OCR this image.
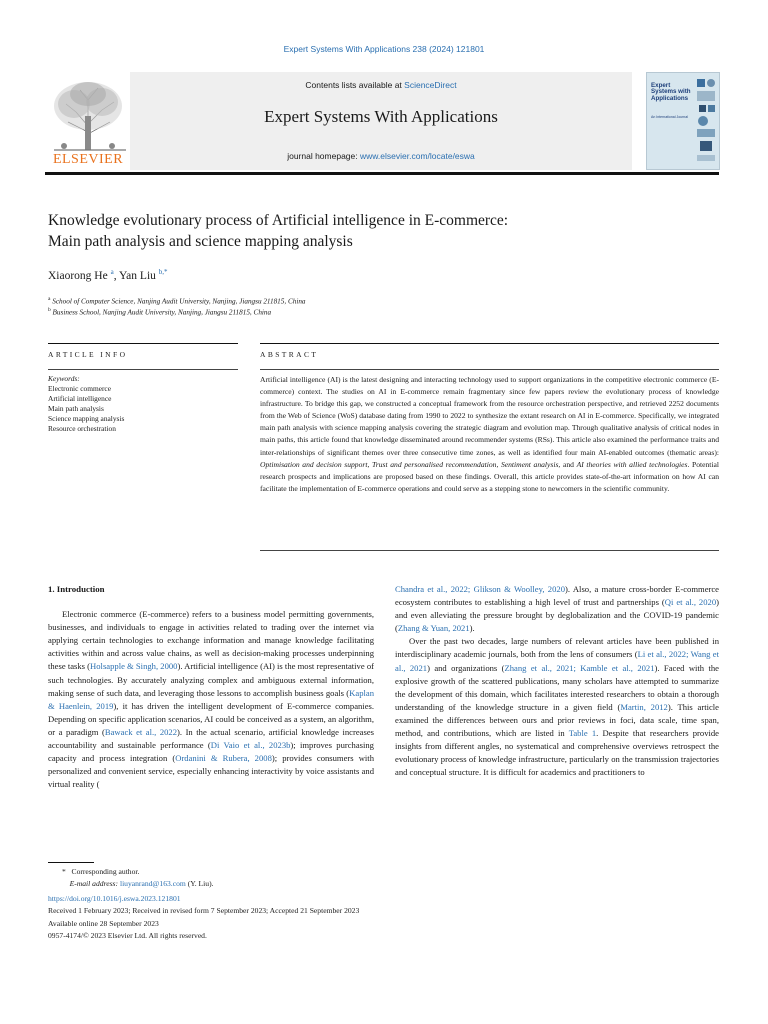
Expert Systems With Applications 238 (2024) 121801
ELSEVIER
Contents lists available at ScienceDirect
Expert Systems With Applications
journal homepage: www.elsevier.com/locate/eswa
Expert Systems with Applications
An International Journal
Knowledge evolutionary process of Artificial intelligence in E-commerce:
Main path analysis and science mapping analysis
Xiaorong He $^a$, Yan Liu $^{b,*}$
$^a$ School of Computer Science, Nanjing Audit University, Nanjing, Jiangsu 211815, China
$^b$ Business School, Nanjing Audit University, Nanjing, Jiangsu 211815, China
ARTICLE INFO	ABSTRACT
Keywords:
Electronic commerce
Artificial intelligence
Main path analysis
Science mapping analysis
Resource orchestration
Artificial intelligence (AI) is the latest designing and interacting technology used to support organizations in the competitive electronic commerce (E-commerce) context. The studies on AI in E-commerce remain fragmentary since few papers review the evolutionary process of knowledge infrastructure. To bridge this gap, we constructed a conceptual framework from the resource orchestration perspective, and retrieved 2252 documents from the Web of Science (WoS) database dating from 1990 to 2022 to synthesize the extant research on AI in E-commerce. Specifically, we integrated main path analysis with science mapping analysis covering the strategic diagram and evolution map. Through qualitative analysis of critical nodes in main paths, this article found that knowledge disseminated around recommender systems (RSs). This article also examined the performance traits and inter-relationships of significant themes over three consecutive time zones, as well as identified four main AI-enabled outcomes (thematic areas): Optimisation and decision support, Trust and personalised recommendation, Sentiment analysis, and AI theories with allied technologies. Potential research prospects and implications are proposed based on these findings. Overall, this article provides state-of-the-art information on how AI can facilitate the implementation of E-commerce operations and could serve as a stepping stone to newcomers in the scientific community.
1. Introduction

Electronic commerce (E-commerce) refers to a business model permitting governments, businesses, and individuals to engage in activities related to trading over the internet via applying certain technologies to exchange information and manage knowledge facilitating activities within and across value chains, as well as decision-making processes underpinning these tasks (Holsapple & Singh, 2000). Artificial intelligence (AI) is the most representative of such technologies. By accurately analyzing complex and ambiguous external information, making sense of such data, and leveraging those lessons to accomplish business goals (Kaplan & Haenlein, 2019), it has driven the intelligent development of E-commerce companies. Depending on specific application scenarios, AI could be conceived as a system, an algorithm, or a paradigm (Bawack et al., 2022). In the actual scenario, artificial knowledge increases accountability and sustainable performance (Di Vaio et al., 2023b); improves purchasing capacity and process integration (Ordanini & Rubera, 2008); provides consumers with personalized and convenient service, especially enhancing interactivity by voice assistants and virtual reality (

Chandra et al., 2022; Glikson & Woolley, 2020). Also, a mature cross-border E-commerce ecosystem contributes to establishing a high level of trust and partnerships (Qi et al., 2020) and even alleviating the pressure brought by deglobalization and the COVID-19 pandemic (Zhang & Yuan, 2021).

Over the past two decades, large numbers of relevant articles have been published in interdisciplinary academic journals, both from the lens of consumers (Li et al., 2022; Wang et al., 2021) and organizations (Zhang et al., 2021; Kamble et al., 2021). Faced with the explosive growth of the scattered publications, many scholars have attempted to summarize the development of this domain, which facilitates interested researchers to obtain a thorough understanding of the knowledge structure in a given field (Martin, 2012). This article examined the differences between ours and prior reviews in foci, data scale, time span, method, and contributions, which are listed in Table 1. Despite that researchers provide insights from different angles, no systematical and comprehensive overviews retrospect the evolutionary process of knowledge infrastructure, particularly on the transmission trajectories and conceptual structure. It is difficult for academics and practitioners to

* Corresponding author.
E-mail address: liuyanrand@163.com (Y. Liu).
https://doi.org/10.1016/j.eswa.2023.121801
Received 1 February 2023; Received in revised form 7 September 2023; Accepted 21 September 2023
Available online 28 September 2023
0957-4174/© 2023 Elsevier Ltd. All rights reserved.
